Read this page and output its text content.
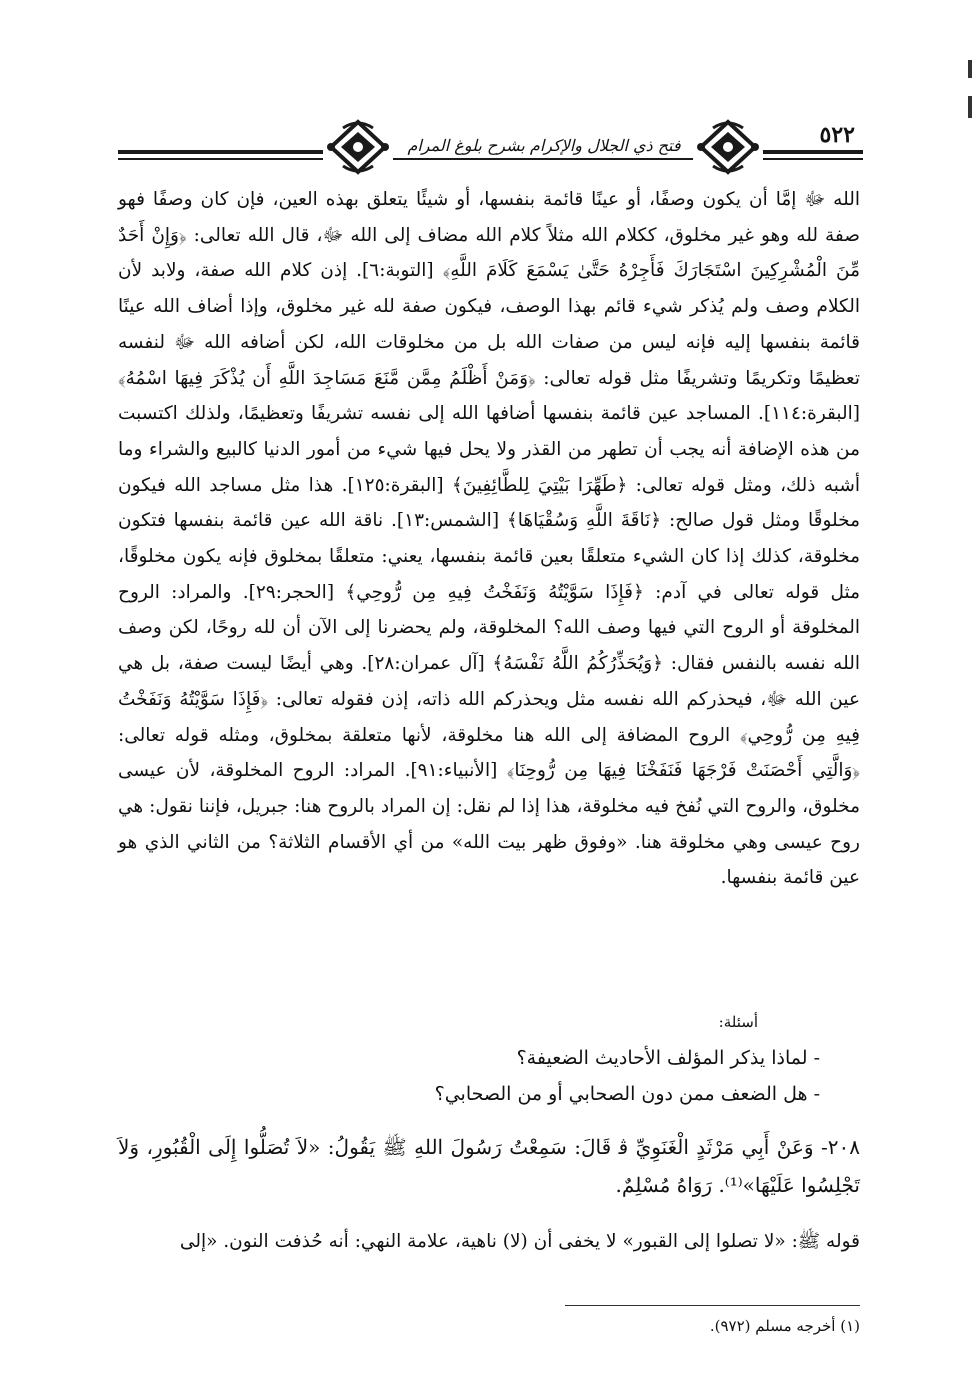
فتح ذي الجلال والإكرام بشرح بلوغ المرام	٥٢٢

الله ﷻ إمَّا أن يكون وصفًا، أو عينًا قائمة بنفسها، أو شيئًا يتعلق بهذه العين، فإن كان وصفًا فهو صفة لله وهو غير مخلوق، ككلام الله مثلاً كلام الله مضاف إلى الله ﷻ، قال الله تعالى: ﴿وَإِنْ أَحَدٌ مِّنَ الْمُشْرِكِينَ اسْتَجَارَكَ فَأَجِرْهُ حَتَّىٰ يَسْمَعَ كَلَامَ اللَّهِ﴾ [التوبة:٦]. إذن كلام الله صفة، ولابد لأن الكلام وصف ولم يُذكر شيء قائم بهذا الوصف، فيكون صفة لله غير مخلوق، وإذا أضاف الله عينًا قائمة بنفسها إليه فإنه ليس من صفات الله بل من مخلوقات الله، لكن أضافه الله ﷻ لنفسه تعظيمًا وتكريمًا وتشريفًا مثل قوله تعالى: ﴿وَمَنْ أَظْلَمُ مِمَّن مَّنَعَ مَسَاجِدَ اللَّهِ أَن يُذْكَرَ فِيهَا اسْمُهُ﴾ [البقرة:١١٤]. المساجد عين قائمة بنفسها أضافها الله إلى نفسه تشريفًا وتعظيمًا، ولذلك اكتسبت من هذه الإضافة أنه يجب أن تطهر من القذر ولا يحل فيها شيء من أمور الدنيا كالبيع والشراء وما أشبه ذلك، ومثل قوله تعالى: ﴿طَهِّرَا بَيْتِيَ لِلطَّائِفِينَ﴾ [البقرة:١٢٥]. هذا مثل مساجد الله فيكون مخلوقًا ومثل قول صالح: ﴿نَاقَةَ اللَّهِ وَسُقْيَاهَا﴾ [الشمس:١٣]. ناقة الله عين قائمة بنفسها فتكون مخلوقة، كذلك إذا كان الشيء متعلقًا بعين قائمة بنفسها، يعني: متعلقًا بمخلوق فإنه يكون مخلوقًا، مثل قوله تعالى في آدم: ﴿فَإِذَا سَوَّيْتُهُ وَنَفَخْتُ فِيهِ مِن رُّوحِي﴾ [الحجر:٢٩]. والمراد: الروح المخلوقة أو الروح التي فيها وصف الله؟ المخلوقة، ولم يحضرنا إلى الآن أن لله روحًا، لكن وصف الله نفسه بالنفس فقال: ﴿وَيُحَذِّرُكُمُ اللَّهُ نَفْسَهُ﴾ [آل عمران:٢٨]. وهي أيضًا ليست صفة، بل هي عين الله ﷻ، فيحذركم الله نفسه مثل ويحذركم الله ذاته، إذن فقوله تعالى: ﴿فَإِذَا سَوَّيْتُهُ وَنَفَخْتُ فِيهِ مِن رُّوحِي﴾ الروح المضافة إلى الله هنا مخلوقة، لأنها متعلقة بمخلوق، ومثله قوله تعالى: ﴿وَالَّتِي أَحْصَنَتْ فَرْجَهَا فَنَفَخْنَا فِيهَا مِن رُّوحِنَا﴾ [الأنبياء:٩١]. المراد: الروح المخلوقة، لأن عيسى مخلوق، والروح التي نُفخ فيه مخلوقة، هذا إذا لم نقل: إن المراد بالروح هنا: جبريل، فإننا نقول: هي روح عيسى وهي مخلوقة هنا. «وفوق ظهر بيت الله» من أي الأقسام الثلاثة؟ من الثاني الذي هو عين قائمة بنفسها.

أسئلة:
- لماذا يذكر المؤلف الأحاديث الضعيفة؟
- هل الضعف ممن دون الصحابي أو من الصحابي؟
٢٠٨- وَعَنْ أَبِي مَرْثَدٍ الْغَنَوِيِّ ﭬ قَالَ: سَمِعْتُ رَسُولَ اللهِ ﷺ يَقُولُ: «لاَ تُصَلُّوا إِلَى الْقُبُورِ، وَلاَ تَجْلِسُوا عَلَيْهَا»⁽¹⁾. رَوَاهُ مُسْلِمٌ.
قوله ﷺ: «لا تصلوا إلى القبور» لا يخفى أن (لا) ناهية، علامة النهي: أنه حُذفت النون. «إلى
(١) أخرجه مسلم (٩٧٢).
